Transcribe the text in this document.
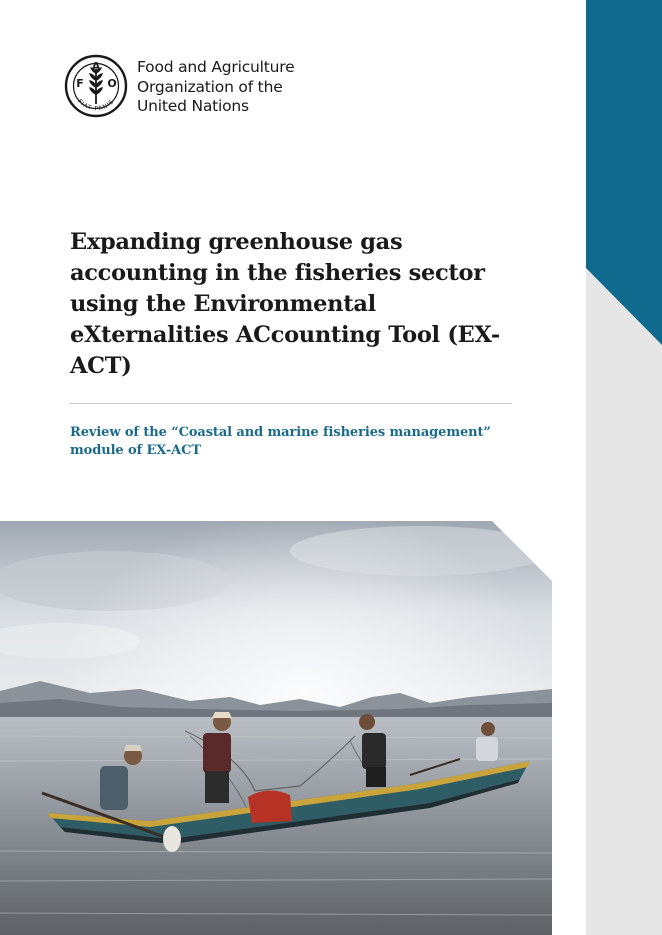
F
A
O
FIAT PANIS
Food and Agriculture
Organization of the
United Nations
Expanding greenhouse gas accounting in the fisheries sector using the Environmental eXternalities ACcounting Tool (EX-ACT)
Review of the “Coastal and marine fisheries management” module of EX-ACT
